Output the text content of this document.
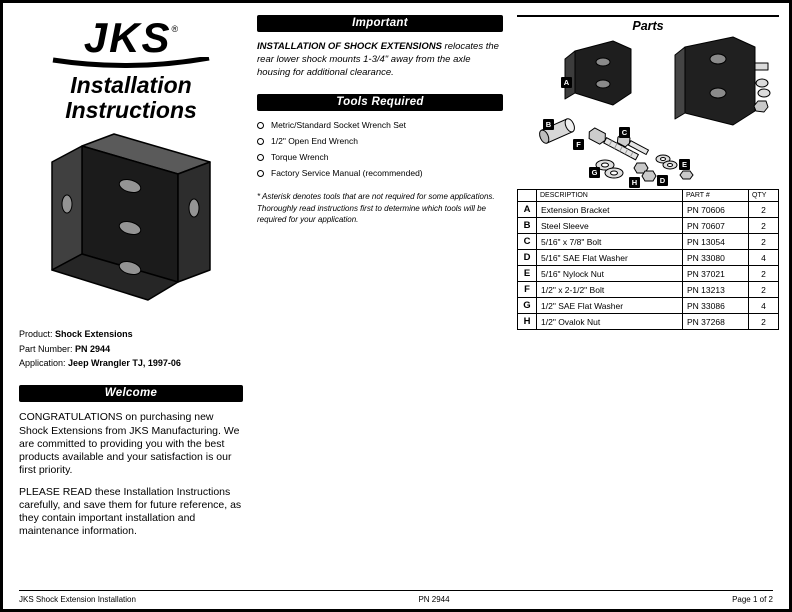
JKS®
Installation
Instructions
Product: Shock Extensions
Part Number: PN 2944
Application: Jeep Wrangler TJ, 1997-06
Welcome

CONGRATULATIONS on purchasing new Shock Extensions from JKS Manufacturing. We are committed to providing you with the best products available and your satisfaction is our first priority.

PLEASE READ these Installation Instructions carefully, and save them for future reference, as they contain important installation and maintenance information.

Important

INSTALLATION OF SHOCK EXTENSIONS relocates the rear lower shock mounts 1-3/4" away from the axle housing for additional clearance.

Tools Required
Metric/Standard Socket Wrench Set
1/2" Open End Wrench
Torque Wrench
Factory Service Manual (recommended)

* Asterisk denotes tools that are not required for some applications. Thoroughly read instructions first to determine which tools will be required for your application.

Parts
A
B
C
D
E
F
G
H
	DESCRIPTION	PART #	QTY
A	Extension Bracket	PN 70606	2
B	Steel Sleeve	PN 70607	2
C	5/16" x 7/8" Bolt	PN 13054	2
D	5/16" SAE Flat Washer	PN 33080	4
E	5/16" Nylock Nut	PN 37021	2
F	1/2" x 2-1/2" Bolt	PN 13213	2
G	1/2" SAE Flat Washer	PN 33086	4
H	1/2" Ovalok Nut	PN 37268	2
JKS Shock Extension Installation	PN 2944	Page 1 of 2
